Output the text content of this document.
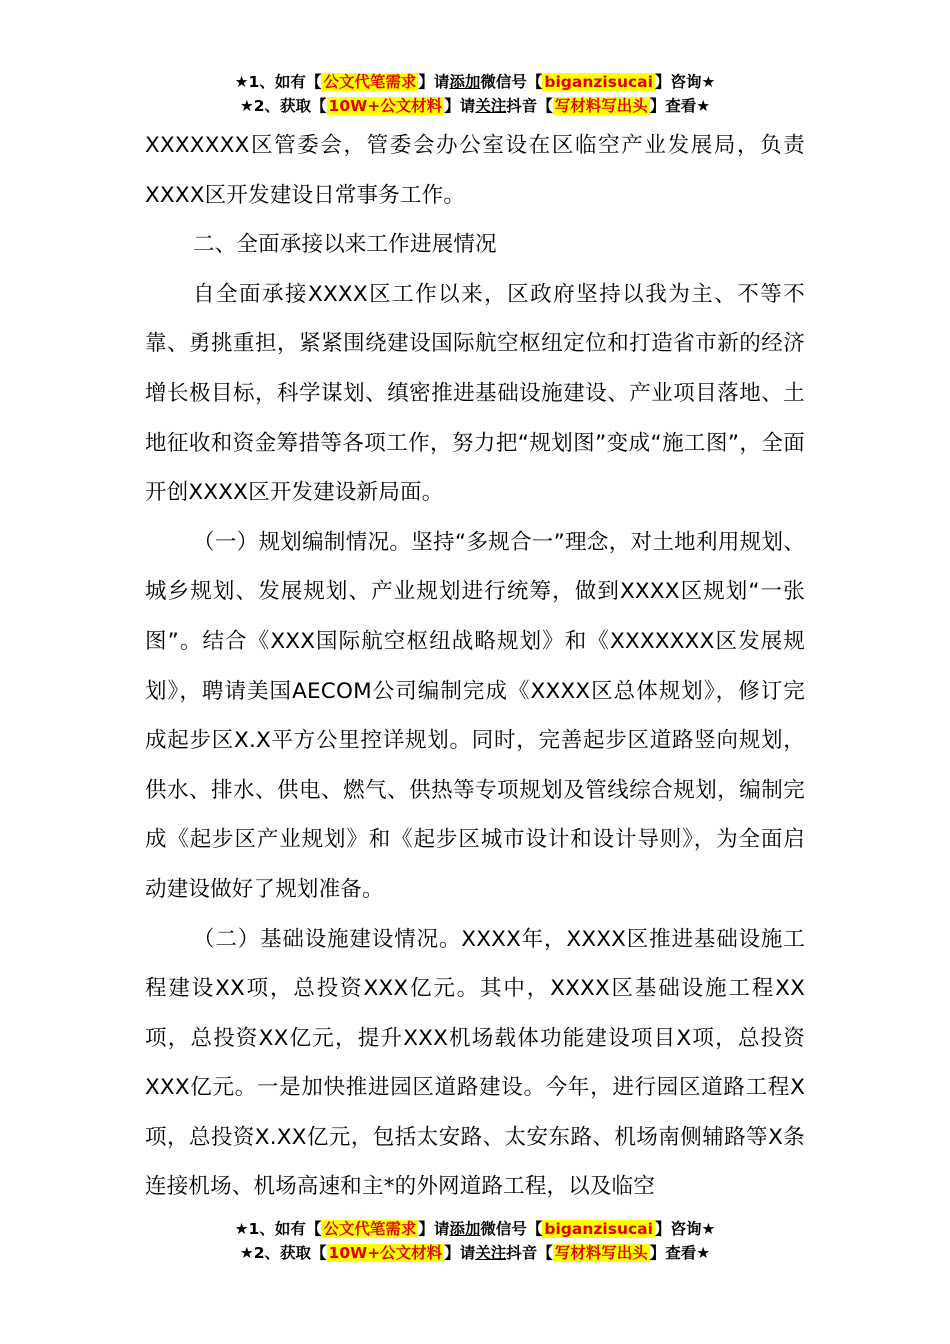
★1、如有【 公文代笔需求 】请添加微信号【 biganzisucai 】咨询★
★2、获取【 10W+公文材料 】请关注抖音【 写材料写出头 】查看★

XXXXXXX区管委会，管委会办公室设在区临空产业发展局，负责XXXX区开发建设日常事务工作。

二、全面承接以来工作进展情况

自全面承接XXXX区工作以来，区政府坚持以我为主、不等不靠、勇挑重担，紧紧围绕建设国际航空枢纽定位和打造省市新的经济增长极目标，科学谋划、缜密推进基础设施建设、产业项目落地、土地征收和资金筹措等各项工作，努力把“规划图”变成“施工图”，全面开创XXXX区开发建设新局面。

（一）规划编制情况。坚持“多规合一”理念，对土地利用规划、城乡规划、发展规划、产业规划进行统筹，做到XXXX区规划“一张图”。结合《XXX国际航空枢纽战略规划》和《XXXXXXX区发展规划》，聘请美国AECOM公司编制完成《XXXX区总体规划》，修订完成起步区X.X平方公里控详规划。同时，完善起步区道路竖向规划，供水、排水、供电、燃气、供热等专项规划及管线综合规划，编制完成《起步区产业规划》和《起步区城市设计和设计导则》，为全面启动建设做好了规划准备。

（二）基础设施建设情况。XXXX年，XXXX区推进基础设施工程建设XX项，总投资XXX亿元。其中，XXXX区基础设施工程XX项，总投资XX亿元，提升XXX机场载体功能建设项目X项，总投资XXX亿元。一是加快推进园区道路建设。今年，进行园区道路工程X项，总投资X.XX亿元，包括太安路、太安东路、机场南侧辅路等X条连接机场、机场高速和主*的外网道路工程，以及临空

★1、如有【 公文代笔需求 】请添加微信号【 biganzisucai 】咨询★
★2、获取【 10W+公文材料 】请关注抖音【 写材料写出头 】查看★
